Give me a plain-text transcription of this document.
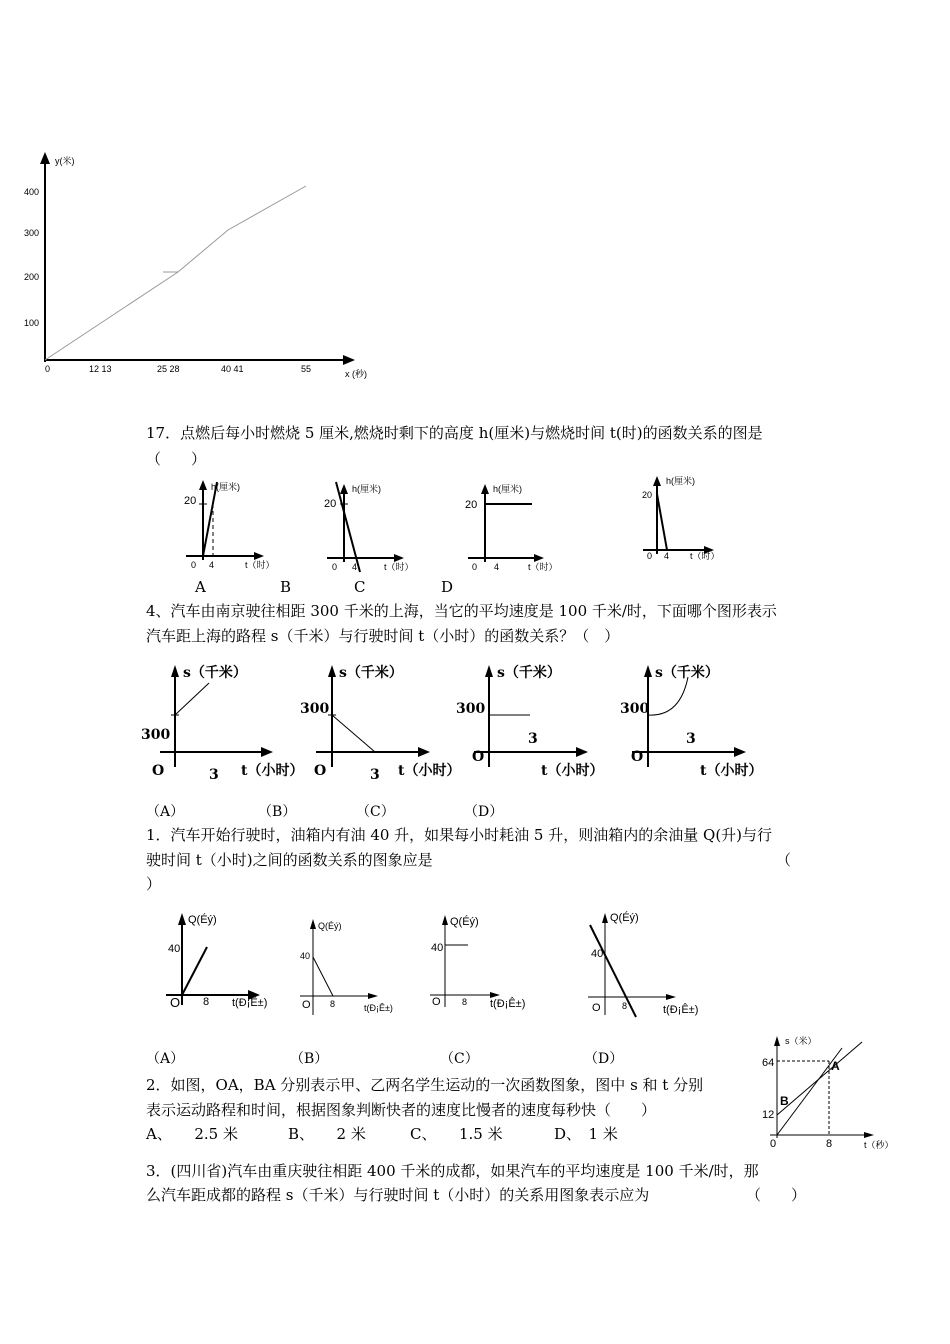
y(米)
x (秒)
400
300
200
100
0	12 13	25 28	40 41	55
17．点燃后每小时燃烧 5 厘米,燃烧时剩下的高度 h(厘米)与燃烧时间 t(时)的函数关系的图是
（　　）
h(厘米)
20
0 4	t（时）
h(厘米)
20
0 4	t（时）
h(厘米)
20
0 4	t（时）
h(厘米)
20
0 4 t（时）
A	B	C	D
4、汽车由南京驶往相距 300 千米的上海，当它的平均速度是 100 千米/时，下面哪个图形表示
汽车距上海的路程 s（千米）与行驶时间 t（小时）的函数关系？（　）
s（千米）
300
O	3 t（小时）
s（千米）
300
O	3 t（小时）
s（千米）
300
O
3
t（小时）
s（千米）
300
O
3
t（小时）
（A）	（B）	（C）	（D）
1．汽车开始行驶时，油箱内有油 40 升，如果每小时耗油 5 升，则油箱内的余油量 Q(升)与行
驶时间 t（小时)之间的函数关系的图象应是	（
）
Q(Éý)
40
O 8 t(Ð¡Ê±)
Q(Éý)
40
O 8	t(Ð¡Ê±)
Q(Éý)
40
O 8 t(Ð¡Ê±)
Q(Éý)
40
O 8	t(Ð¡Ê±)
（A）	（B）	（C）	（D）
2．如图，OA，BA 分别表示甲、乙两名学生运动的一次函数图象，图中 s 和 t 分别
表示运动路程和时间，根据图象判断快者的速度比慢者的速度每秒快（　　）
A、　　2.5 米	B、　　2 米	C、　　1.5 米	D、　1 米
s（米）
64
12
0	8	t（秒）
A
B
3．(四川省)汽车由重庆驶往相距 400 千米的成都，如果汽车的平均速度是 100 千米/时，那
么汽车距成都的路程 s（千米）与行驶时间 t（小时）的关系用图象表示应为	（　　）
